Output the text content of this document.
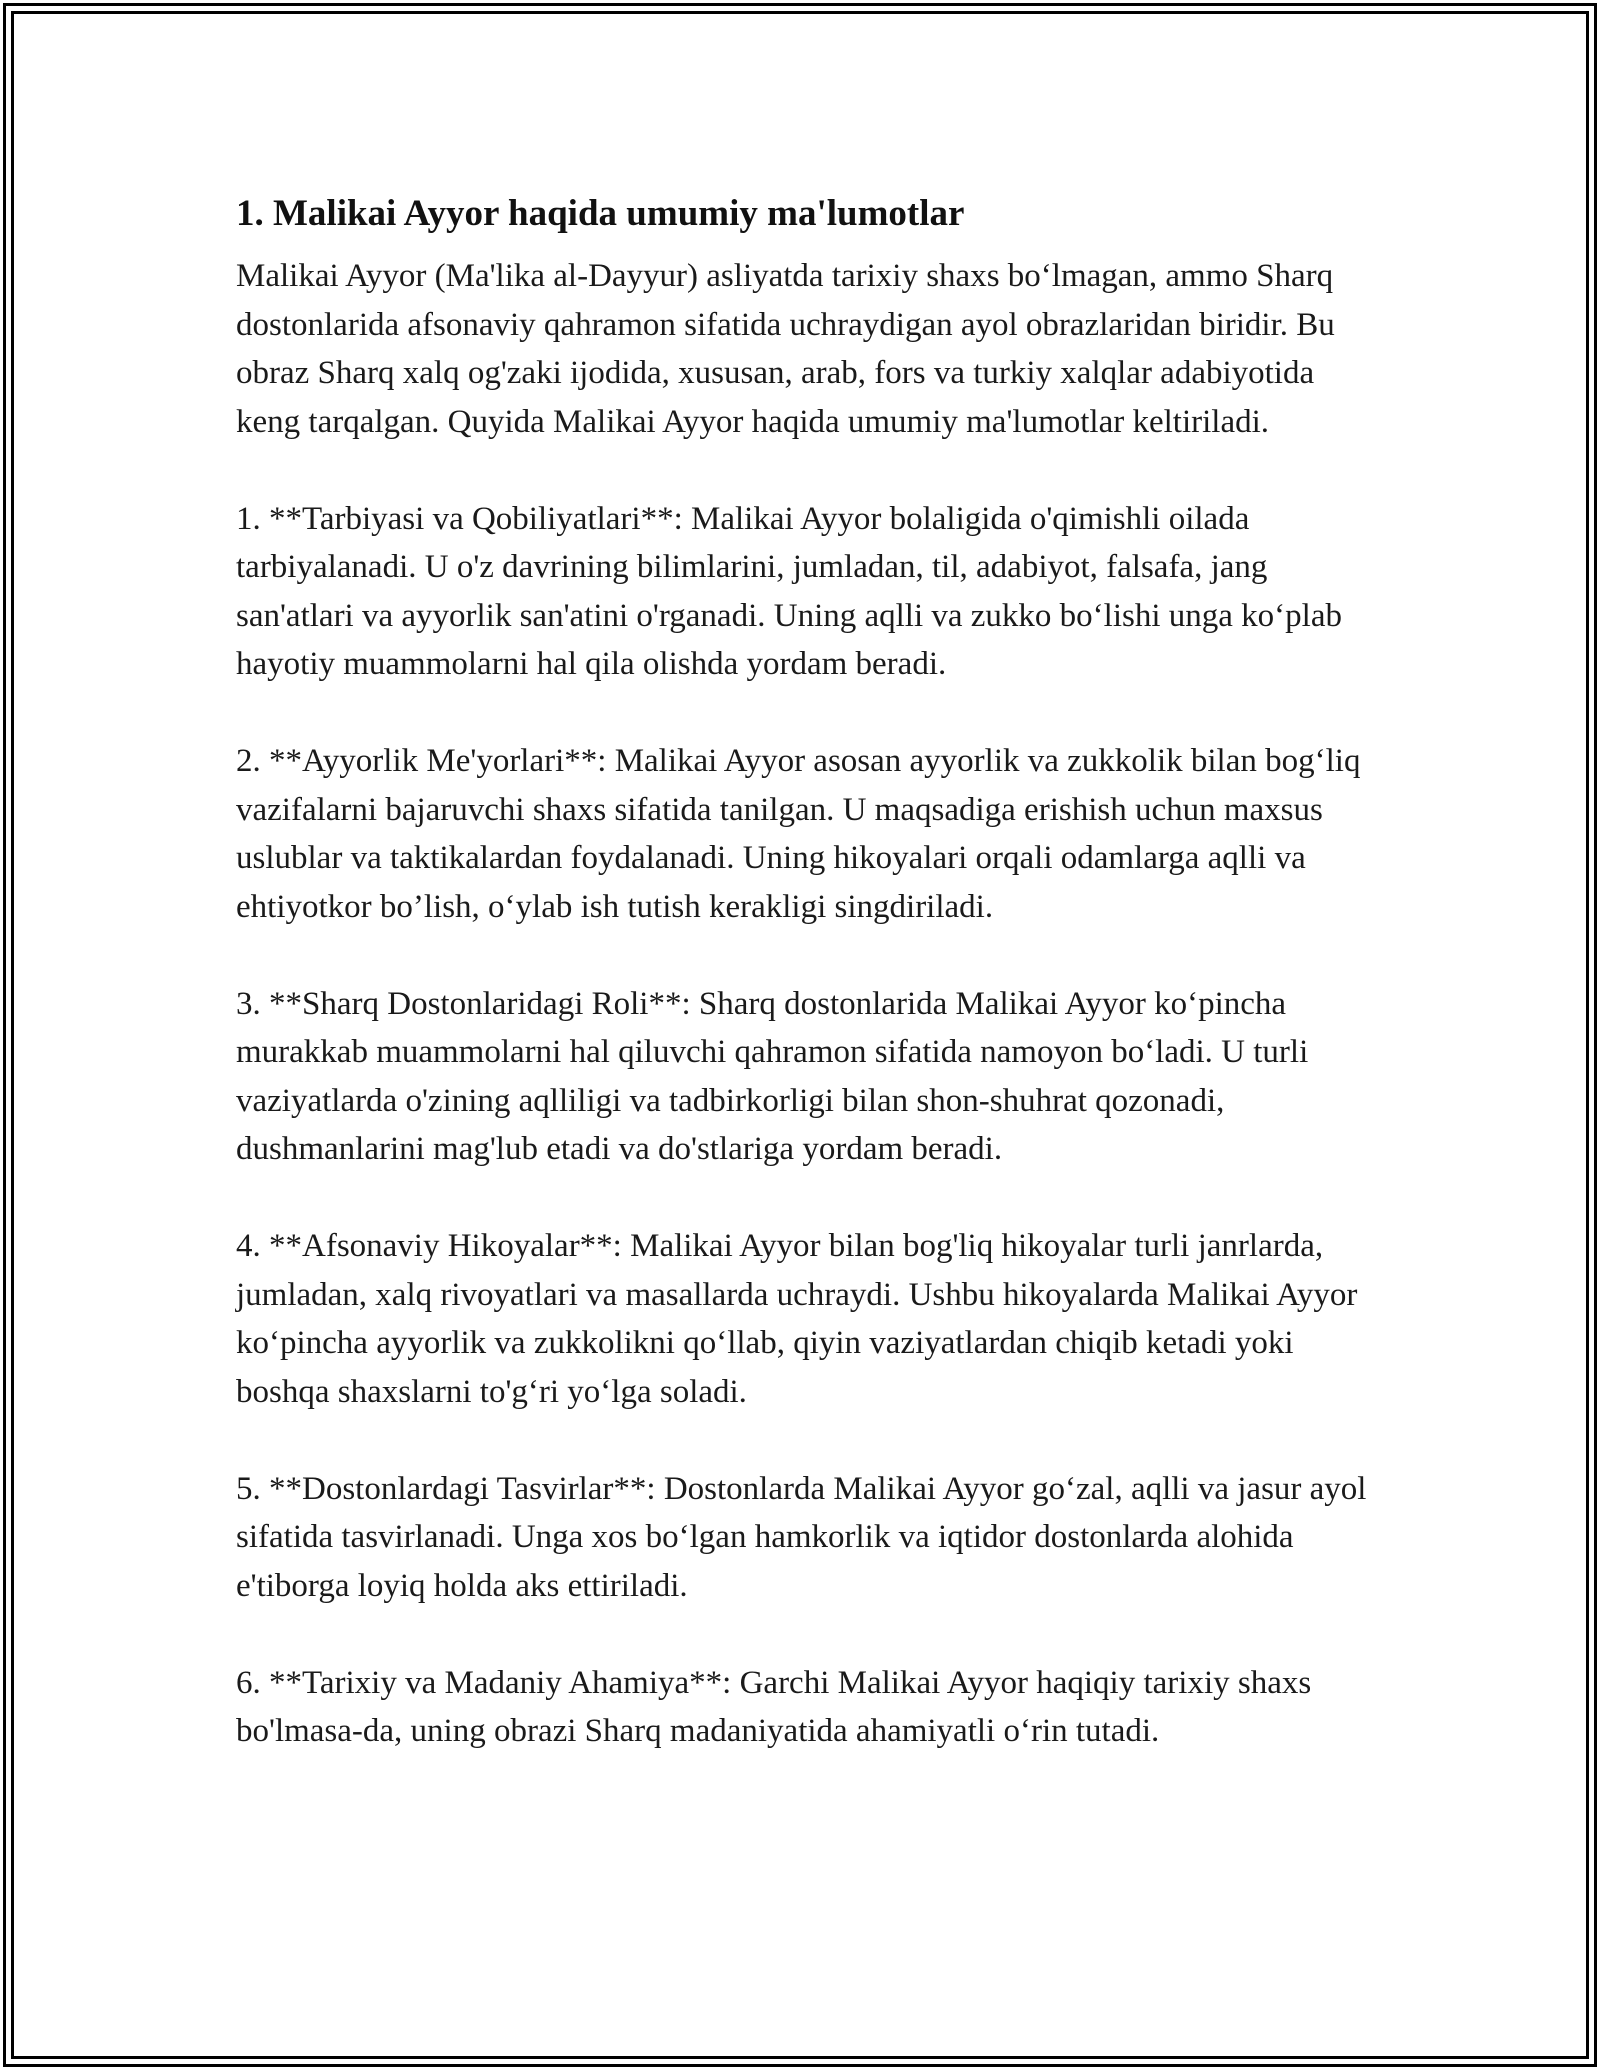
1. Malikai Ayyor haqida umumiy ma'lumotlar

Malikai Ayyor (Ma'lika al-Dayyur) asliyatda tarixiy shaxs bo‘lmagan, ammo Sharq dostonlarida afsonaviy qahramon sifatida uchraydigan ayol obrazlaridan biridir. Bu obraz Sharq xalq og'zaki ijodida, xususan, arab, fors va turkiy xalqlar adabiyotida keng tarqalgan. Quyida Malikai Ayyor haqida umumiy ma'lumotlar keltiriladi.

1. **Tarbiyasi va Qobiliyatlari**: Malikai Ayyor bolaligida o'qimishli oilada tarbiyalanadi. U o'z davrining bilimlarini, jumladan, til, adabiyot, falsafa, jang san'atlari va ayyorlik san'atini o'rganadi. Uning aqlli va zukko bo‘lishi unga ko‘plab hayotiy muammolarni hal qila olishda yordam beradi.

2. **Ayyorlik Me'yorlari**: Malikai Ayyor asosan ayyorlik va zukkolik bilan bog‘liq vazifalarni bajaruvchi shaxs sifatida tanilgan. U maqsadiga erishish uchun maxsus uslublar va taktikalardan foydalanadi. Uning hikoyalari orqali odamlarga aqlli va ehtiyotkor bo’lish, o‘ylab ish tutish kerakligi singdiriladi.

3. **Sharq Dostonlaridagi Roli**: Sharq dostonlarida Malikai Ayyor ko‘pincha murakkab muammolarni hal qiluvchi qahramon sifatida namoyon bo‘ladi. U turli vaziyatlarda o'zining aqlliligi va tadbirkorligi bilan shon-shuhrat qozonadi, dushmanlarini mag'lub etadi va do'stlariga yordam beradi.

4. **Afsonaviy Hikoyalar**: Malikai Ayyor bilan bog'liq hikoyalar turli janrlarda, jumladan, xalq rivoyatlari va masallarda uchraydi. Ushbu hikoyalarda Malikai Ayyor ko‘pincha ayyorlik va zukkolikni qo‘llab, qiyin vaziyatlardan chiqib ketadi yoki boshqa shaxslarni to'g‘ri yo‘lga soladi.

5. **Dostonlardagi Tasvirlar**: Dostonlarda Malikai Ayyor go‘zal, aqlli va jasur ayol sifatida tasvirlanadi. Unga xos bo‘lgan hamkorlik va iqtidor dostonlarda alohida e'tiborga loyiq holda aks ettiriladi.

6. **Tarixiy va Madaniy Ahamiya**: Garchi Malikai Ayyor haqiqiy tarixiy shaxs bo'lmasa-da, uning obrazi Sharq madaniyatida ahamiyatli o‘rin tutadi.
